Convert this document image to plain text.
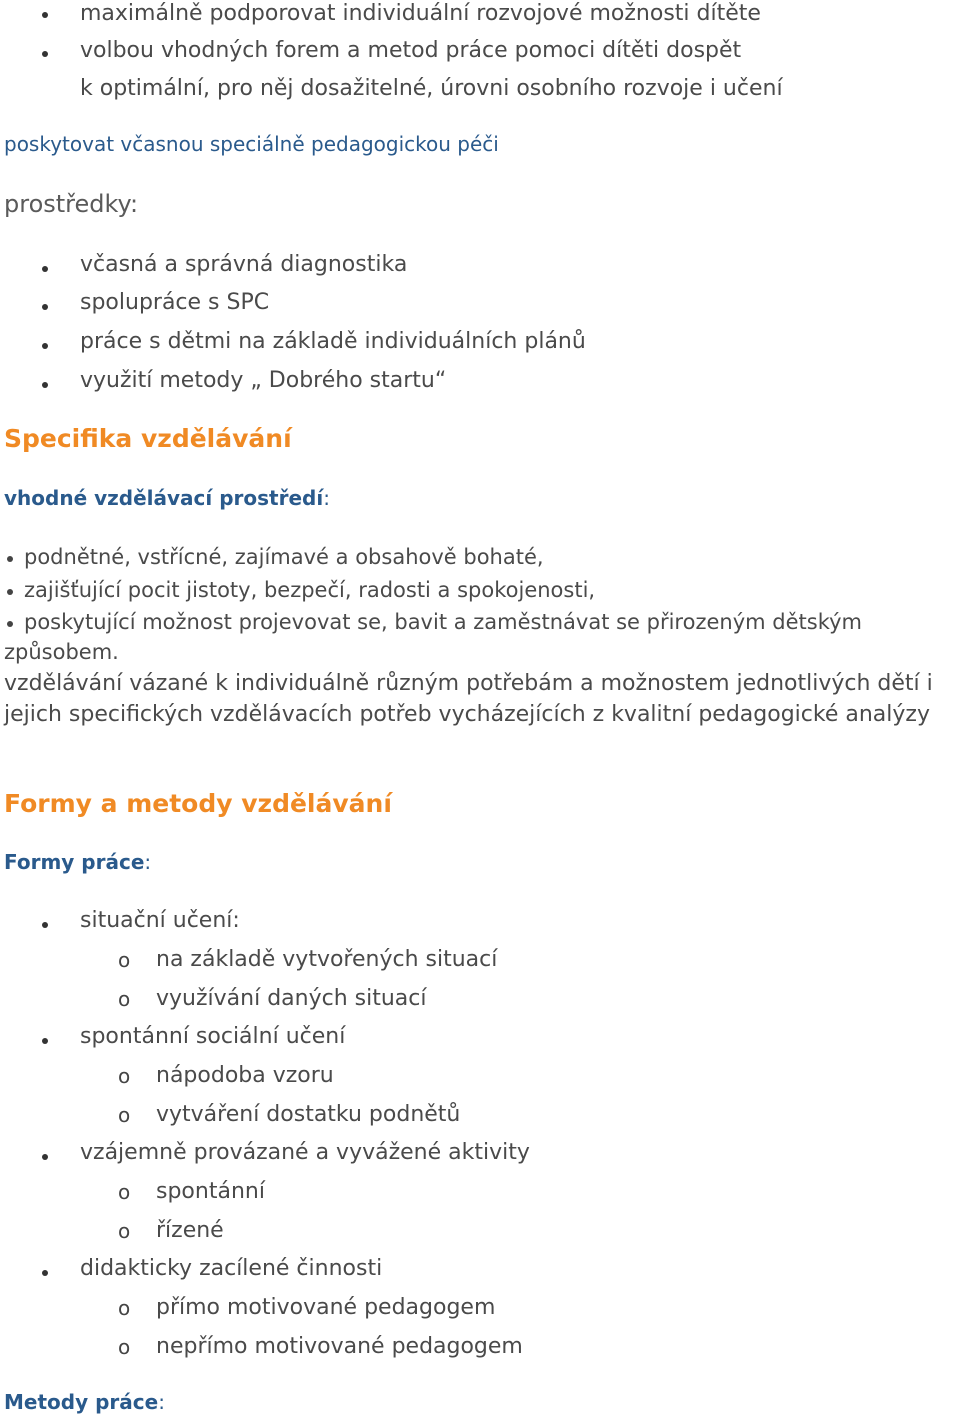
maximálně podporovat individuální rozvojové možnosti dítěte
volbou vhodných forem a metod práce pomoci dítěti dospět
k optimální, pro něj dosažitelné, úrovni osobního rozvoje i učení
poskytovat včasnou speciálně pedagogickou péči
prostředky:
včasná a správná diagnostika
spolupráce s SPC
práce s dětmi na základě individuálních plánů
využití metody „ Dobrého startu“
Specifika vzdělávání
vhodné vzdělávací prostředí:
podnětné, vstřícné, zajímavé a obsahově bohaté,
zajišťující pocit jistoty, bezpečí, radosti a spokojenosti,
poskytující možnost projevovat se, bavit a zaměstnávat se přirozeným dětským
způsobem.
vzdělávání vázané k individuálně různým potřebám a možnostem jednotlivých dětí i jejich specifických vzdělávacích potřeb vycházejících z kvalitní pedagogické analýzy
Formy a metody vzdělávání
Formy práce:
situační učení:
o na základě vytvořených situací
o využívání daných situací
spontánní sociální učení
o nápodoba vzoru
o vytváření dostatku podnětů
vzájemně provázané a vyvážené aktivity
o spontánní
o řízené
didakticky zacílené činnosti
o přímo motivované pedagogem
o nepřímo motivované pedagogem
Metody práce:
